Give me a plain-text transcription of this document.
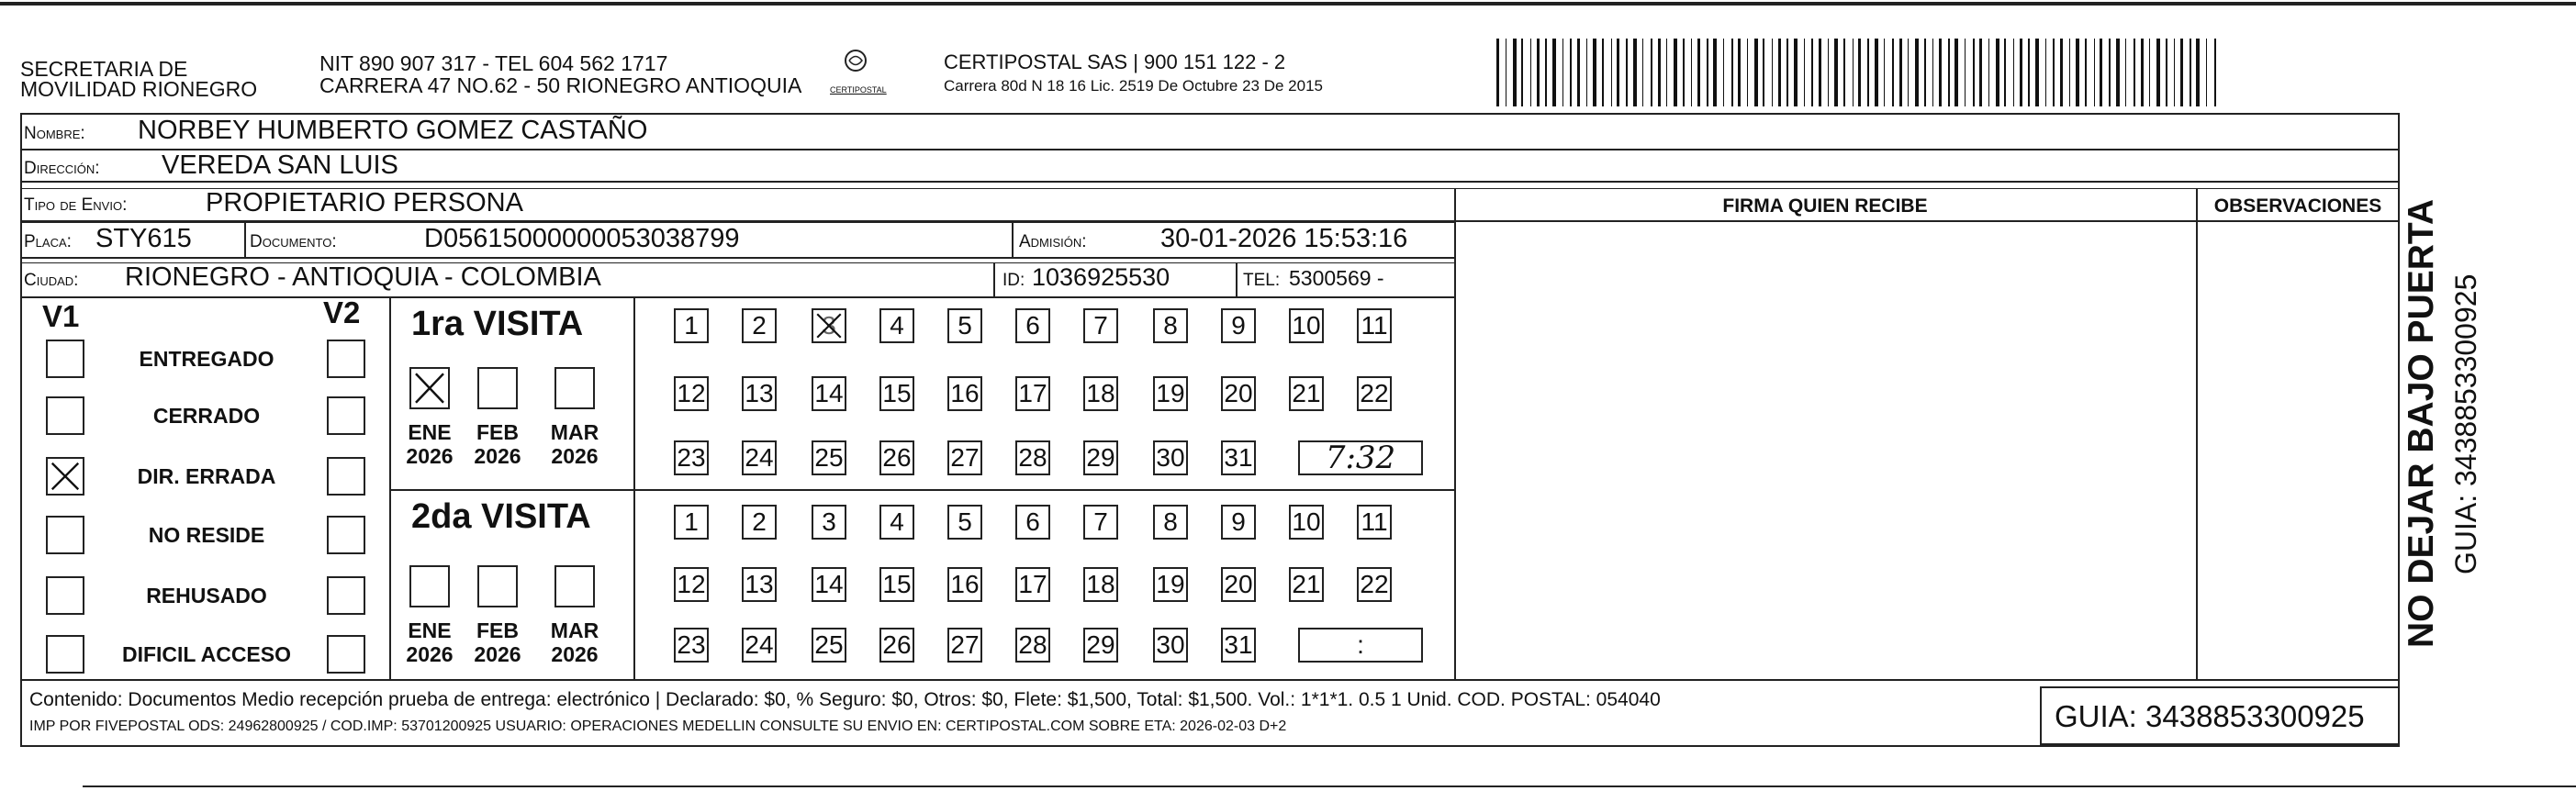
SECRETARIA DE
MOVILIDAD RIONEGRO
NIT 890 907 317 - TEL 604 562 1717
CARRERA 47 NO.62 - 50 RIONEGRO ANTIOQUIA	CERTIPOSTAL
CERTIPOSTAL SAS | 900 151 122 - 2
Carrera 80d N 18 16 Lic. 2519 De Octubre 23 De 2015
Nombre: NORBEY HUMBERTO GOMEZ CASTAÑO
Dirección: VEREDA SAN LUIS
Tipo de Envio:	PROPIETARIO PERSONA
Placa: STY615	Documento:	D05615000000053038799	Admisión:	30-01-2026 15:53:16
Ciudad: RIONEGRO - ANTIOQUIA - COLOMBIA	ID: 1036925530	TEL: 5300569 -
FIRMA QUIEN RECIBE	OBSERVACIONES
V1	V2
ENTREGADO
CERRADO
DIR. ERRADA
NO RESIDE
REHUSADO
DIFICIL ACCESO
1ra VISITA
2da VISITA
ENE
2026
FEB
2026
MAR
2026
ENE
2026
FEB
2026
MAR
2026
1	2	3	4	5	6	7	8	9	10 11
12 13 14 15 16 17 18 19 20 21 22
23 24 25 26 27 28 29 30 31	7:32
1	2	3	4	5	6	7	8	9	10 11
12 13 14 15 16 17 18 19 20 21 22
23 24 25 26 27 28 29 30 31	:
Contenido: Documentos Medio recepción prueba de entrega: electrónico | Declarado: $0, % Seguro: $0, Otros: $0, Flete: $1,500, Total: $1,500. Vol.: 1*1*1. 0.5 1 Unid. COD. POSTAL: 054040
IMP POR FIVEPOSTAL ODS: 24962800925 / COD.IMP: 53701200925 USUARIO: OPERACIONES MEDELLIN CONSULTE SU ENVIO EN: CERTIPOSTAL.COM SOBRE ETA: 2026-02-03 D+2	GUIA: 3438853300925
NO DEJAR BAJO PUERTA GUIA: 3438853300925
